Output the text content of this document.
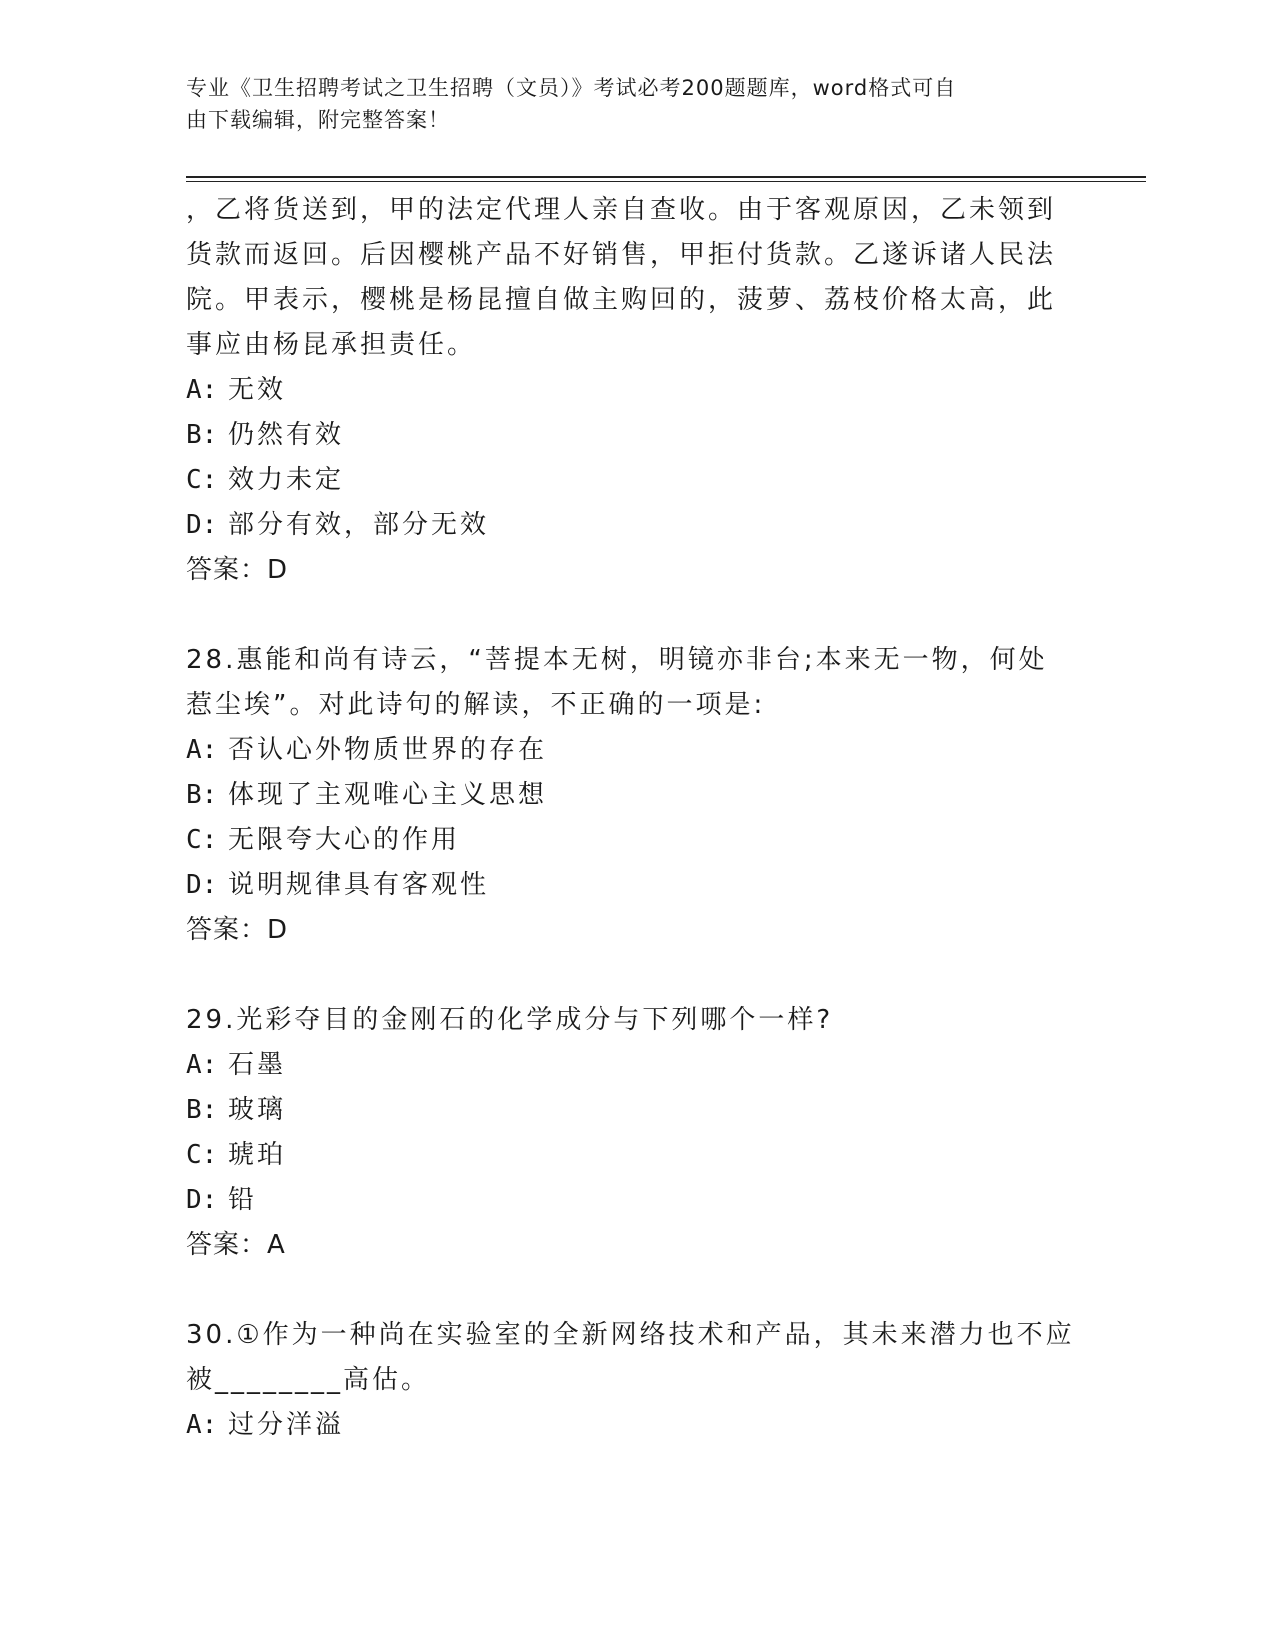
专业《卫生招聘考试之卫生招聘（文员）》考试必考200题题库，word格式可自
由下载编辑，附完整答案！
，乙将货送到，甲的法定代理人亲自查收。由于客观原因，乙未领到
货款而返回。后因樱桃产品不好销售，甲拒付货款。乙遂诉诸人民法
院。甲表示，樱桃是杨昆擅自做主购回的，菠萝、荔枝价格太高，此
事应由杨昆承担责任。
A: 无效
B: 仍然有效
C: 效力未定
D: 部分有效，部分无效
答案：D
28.惠能和尚有诗云，“菩提本无树，明镜亦非台;本来无一物，何处
惹尘埃”。对此诗句的解读，不正确的一项是:
A: 否认心外物质世界的存在
B: 体现了主观唯心主义思想
C: 无限夸大心的作用
D: 说明规律具有客观性
答案：D
29.光彩夺目的金刚石的化学成分与下列哪个一样?
A: 石墨
B: 玻璃
C: 琥珀
D: 铅
答案：A
30.①作为一种尚在实验室的全新网络技术和产品，其未来潜力也不应
被________高估。
A: 过分洋溢
